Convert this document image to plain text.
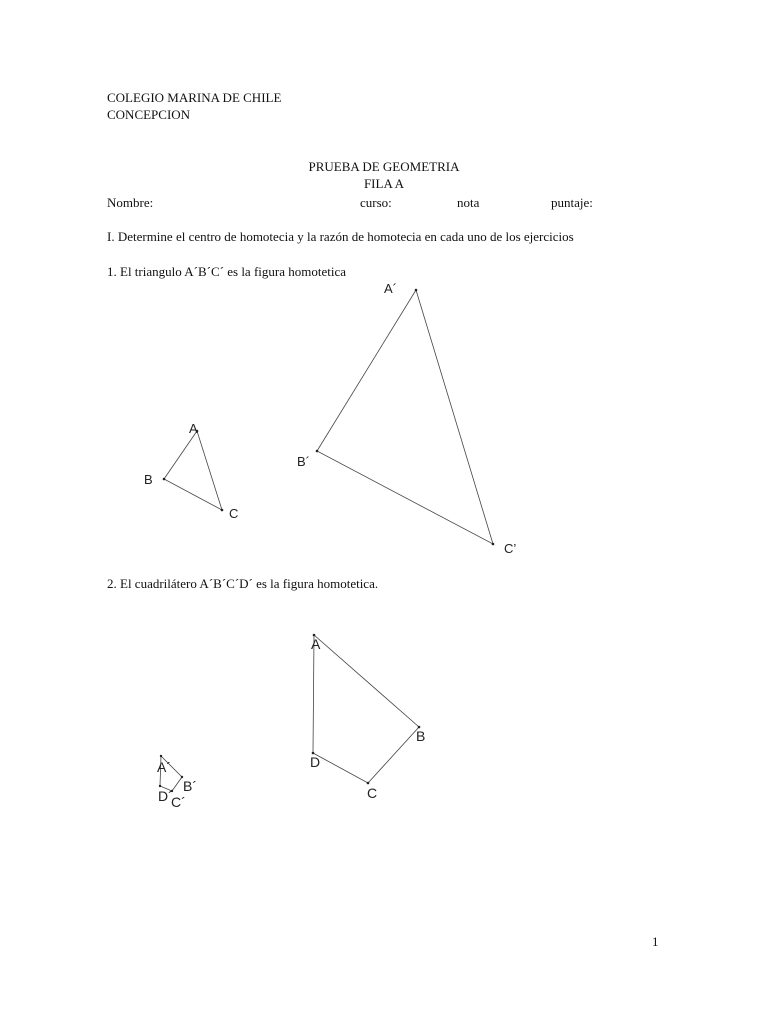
COLEGIO MARINA DE CHILE
CONCEPCION
PRUEBA DE GEOMETRIA
FILA A
Nombre:	curso:	nota	puntaje:
I. Determine el centro de homotecia y la razón de homotecia en cada uno de los ejercicios
1. El triangulo A´B´C´ es la figura homotetica
2. El cuadrilátero A´B´C´D´ es la figura homotetica.
1
A
B
C
A´
B´
C’
A
B
C
D
A´
B´
C´
D´
